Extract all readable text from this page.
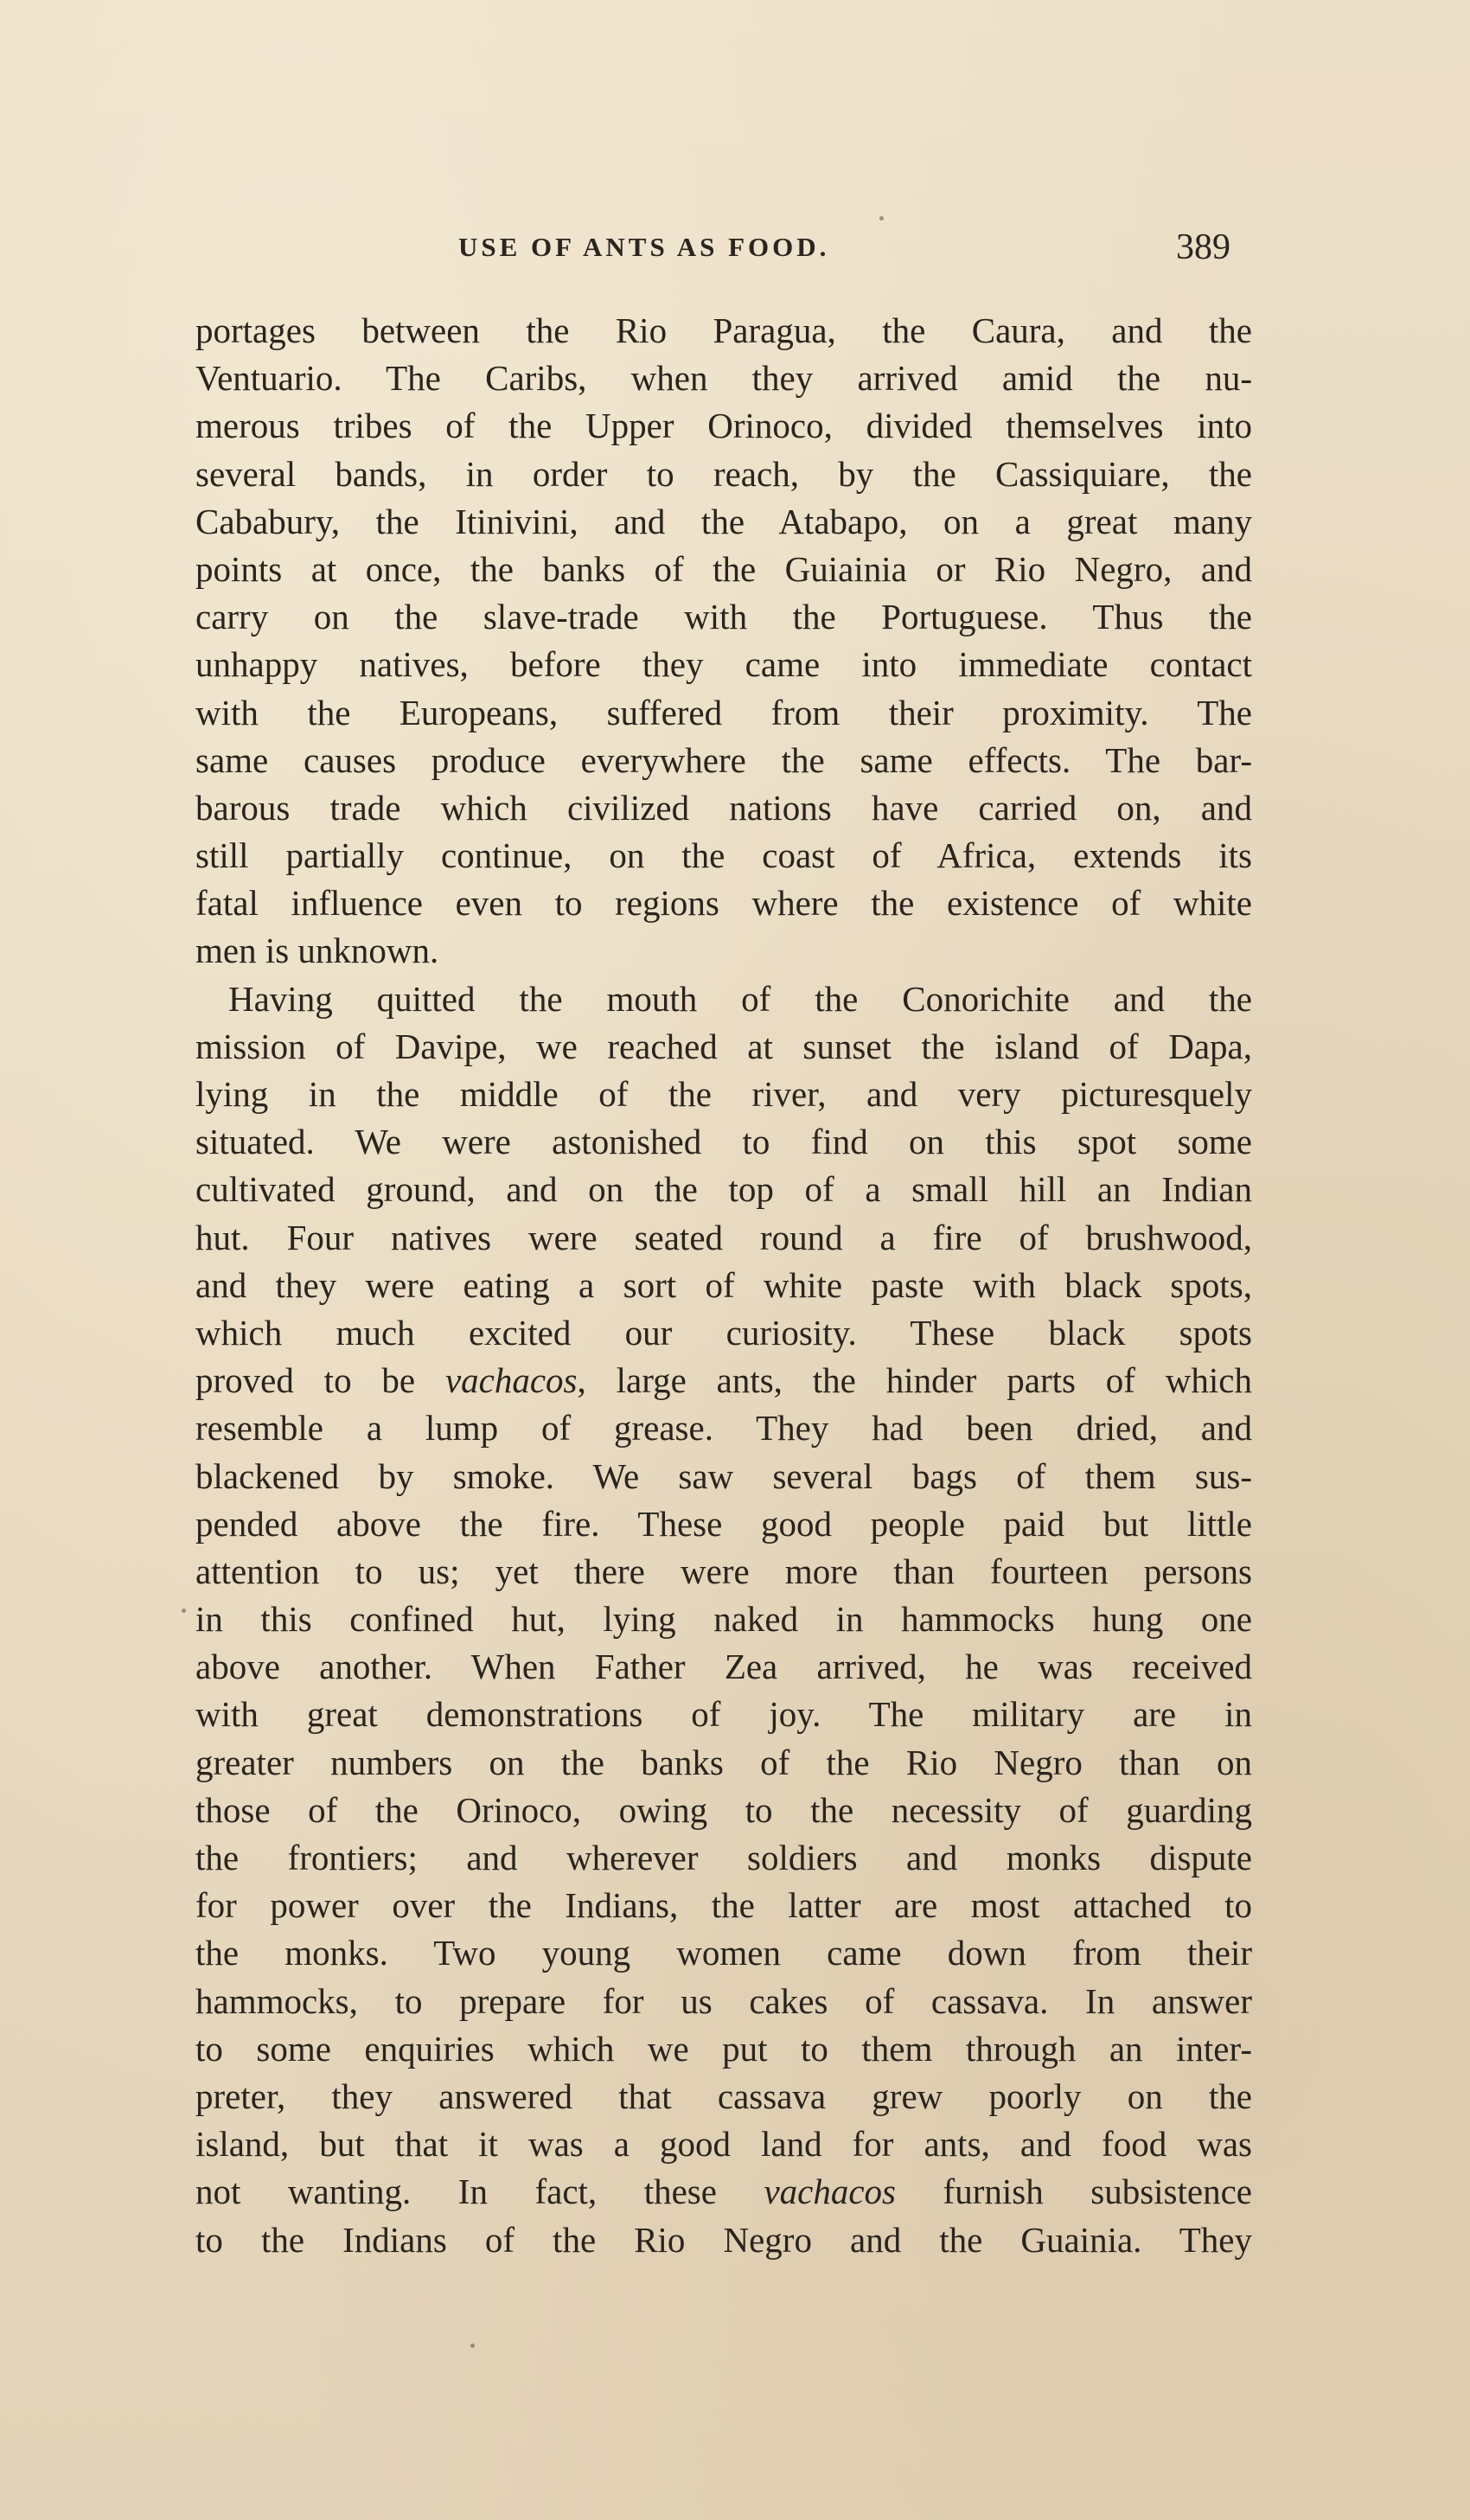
USE OF ANTS AS FOOD.	389
portages between the Rio Paragua, the Caura, and the
Ventuario. The Caribs, when they arrived amid the nu-
merous tribes of the Upper Orinoco, divided themselves into
several bands, in order to reach, by the Cassiquiare, the
Cababury, the Itinivini, and the Atabapo, on a great many
points at once, the banks of the Guiainia or Rio Negro, and
carry on the slave-trade with the Portuguese. Thus the
unhappy natives, before they came into immediate contact
with the Europeans, suffered from their proximity. The
same causes produce everywhere the same effects. The bar-
barous trade which civilized nations have carried on, and
still partially continue, on the coast of Africa, extends its
fatal influence even to regions where the existence of white
men is unknown.
Having quitted the mouth of the Conorichite and the
mission of Davipe, we reached at sunset the island of Dapa,
lying in the middle of the river, and very picturesquely
situated. We were astonished to find on this spot some
cultivated ground, and on the top of a small hill an Indian
hut. Four natives were seated round a fire of brushwood,
and they were eating a sort of white paste with black spots,
which much excited our curiosity. These black spots
proved to be vachacos, large ants, the hinder parts of which
resemble a lump of grease. They had been dried, and
blackened by smoke. We saw several bags of them sus-
pended above the fire. These good people paid but little
attention to us; yet there were more than fourteen persons
in this confined hut, lying naked in hammocks hung one
above another. When Father Zea arrived, he was received
with great demonstrations of joy. The military are in
greater numbers on the banks of the Rio Negro than on
those of the Orinoco, owing to the necessity of guarding
the frontiers; and wherever soldiers and monks dispute
for power over the Indians, the latter are most attached to
the monks. Two young women came down from their
hammocks, to prepare for us cakes of cassava. In answer
to some enquiries which we put to them through an inter-
preter, they answered that cassava grew poorly on the
island, but that it was a good land for ants, and food was
not wanting. In fact, these vachacos furnish subsistence
to the Indians of the Rio Negro and the Guainia. They
